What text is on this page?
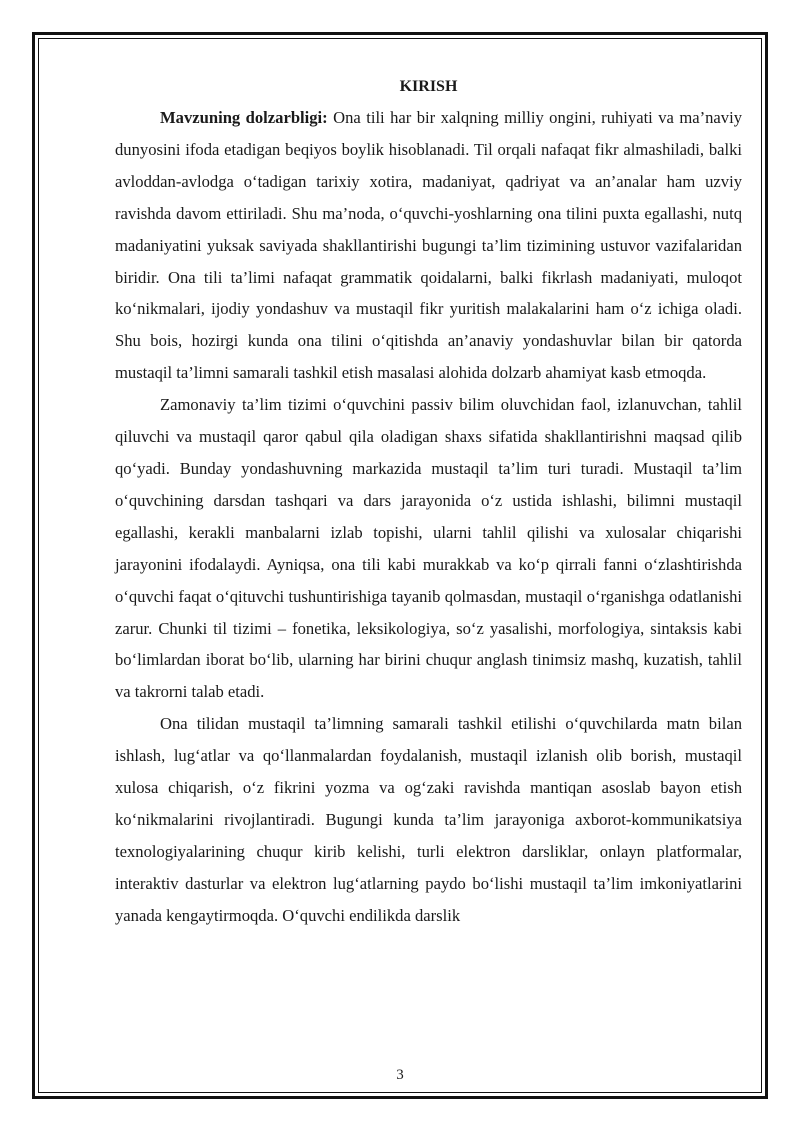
KIRISH

Mavzuning dolzarbligi: Ona tili har bir xalqning milliy ongini, ruhiyati va ma’naviy dunyosini ifoda etadigan beqiyos boylik hisoblanadi. Til orqali nafaqat fikr almashiladi, balki avloddan-avlodga o‘tadigan tarixiy xotira, madaniyat, qadriyat va an’analar ham uzviy ravishda davom ettiriladi. Shu ma’noda, o‘quvchi-yoshlarning ona tilini puxta egallashi, nutq madaniyatini yuksak saviyada shakllantirishi bugungi ta’lim tizimining ustuvor vazifalaridan biridir. Ona tili ta’limi nafaqat grammatik qoidalarni, balki fikrlash madaniyati, muloqot ko‘nikmalari, ijodiy yondashuv va mustaqil fikr yuritish malakalarini ham o‘z ichiga oladi. Shu bois, hozirgi kunda ona tilini o‘qitishda an’anaviy yondashuvlar bilan bir qatorda mustaqil ta’limni samarali tashkil etish masalasi alohida dolzarb ahamiyat kasb etmoqda.

Zamonaviy ta’lim tizimi o‘quvchini passiv bilim oluvchidan faol, izlanuvchan, tahlil qiluvchi va mustaqil qaror qabul qila oladigan shaxs sifatida shakllantirishni maqsad qilib qo‘yadi. Bunday yondashuvning markazida mustaqil ta’lim turi turadi. Mustaqil ta’lim o‘quvchining darsdan tashqari va dars jarayonida o‘z ustida ishlashi, bilimni mustaqil egallashi, kerakli manbalarni izlab topishi, ularni tahlil qilishi va xulosalar chiqarishi jarayonini ifodalaydi. Ayniqsa, ona tili kabi murakkab va ko‘p qirrali fanni o‘zlashtirishda o‘quvchi faqat o‘qituvchi tushuntirishiga tayanib qolmasdan, mustaqil o‘rganishga odatlanishi zarur. Chunki til tizimi – fonetika, leksikologiya, so‘z yasalishi, morfologiya, sintaksis kabi bo‘limlardan iborat bo‘lib, ularning har birini chuqur anglash tinimsiz mashq, kuzatish, tahlil va takrorni talab etadi.

Ona tilidan mustaqil ta’limning samarali tashkil etilishi o‘quvchilarda matn bilan ishlash, lug‘atlar va qo‘llanmalardan foydalanish, mustaqil izlanish olib borish, mustaqil xulosa chiqarish, o‘z fikrini yozma va og‘zaki ravishda mantiqan asoslab bayon etish ko‘nikmalarini rivojlantiradi. Bugungi kunda ta’lim jarayoniga axborot-kommunikatsiya texnologiyalarining chuqur kirib kelishi, turli elektron darsliklar, onlayn platformalar, interaktiv dasturlar va elektron lug‘atlarning paydo bo‘lishi mustaqil ta’lim imkoniyatlarini yanada kengaytirmoqda. O‘quvchi endilikda darslik

3
